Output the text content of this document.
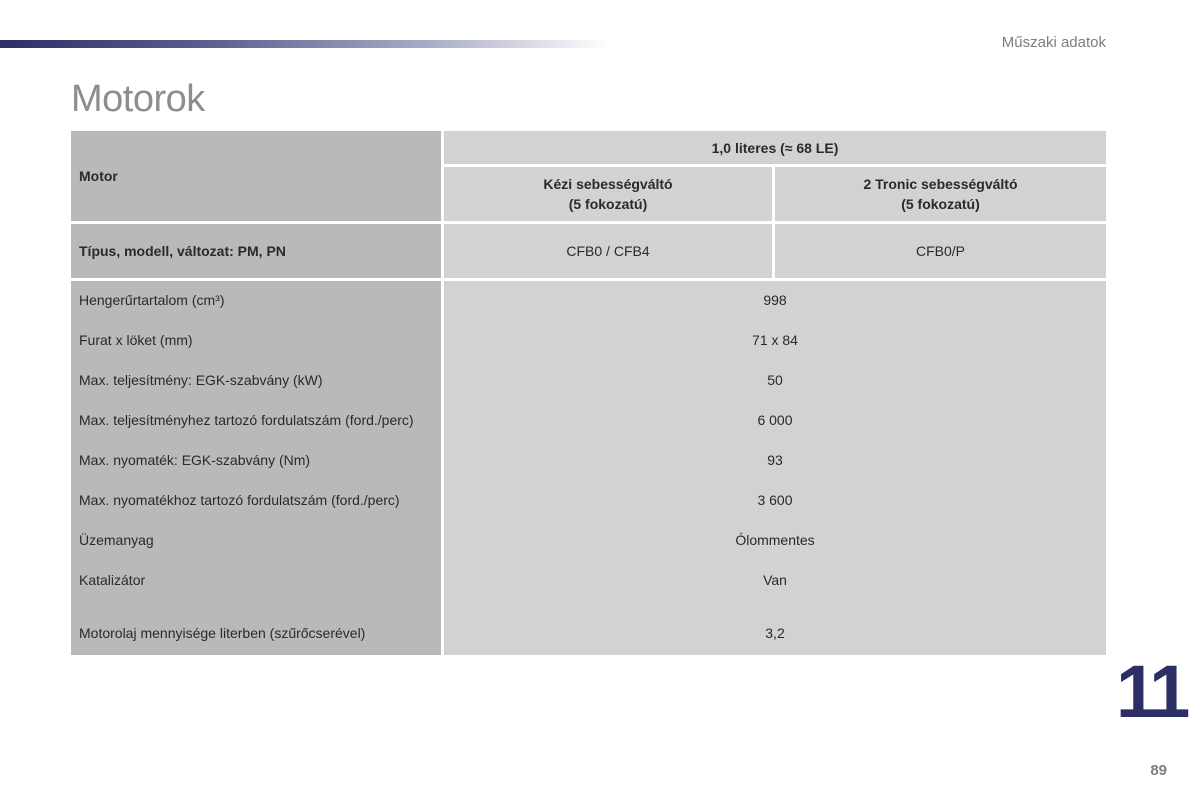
Műszaki adatok
Motorok
Motor
1,0 literes (≈ 68 LE)
Kézi sebességváltó
(5 fokozatú)
2 Tronic sebességváltó
(5 fokozatú)
Típus, modell, változat: PM, PN	CFB0 / CFB4	CFB0/P
Hengerűrtartalom (cm³)
Furat x löket (mm)
Max. teljesítmény: EGK-szabvány (kW)
Max. teljesítményhez tartozó fordulatszám (ford./perc)
Max. nyomaték: EGK-szabvány (Nm)
Max. nyomatékhoz tartozó fordulatszám (ford./perc)
Üzemanyag
Katalizátor
Motorolaj mennyisége literben (szűrőcserével)
998
71 x 84
50
6 000
93
3 600
Ólommentes
Van
3,2
11
89
